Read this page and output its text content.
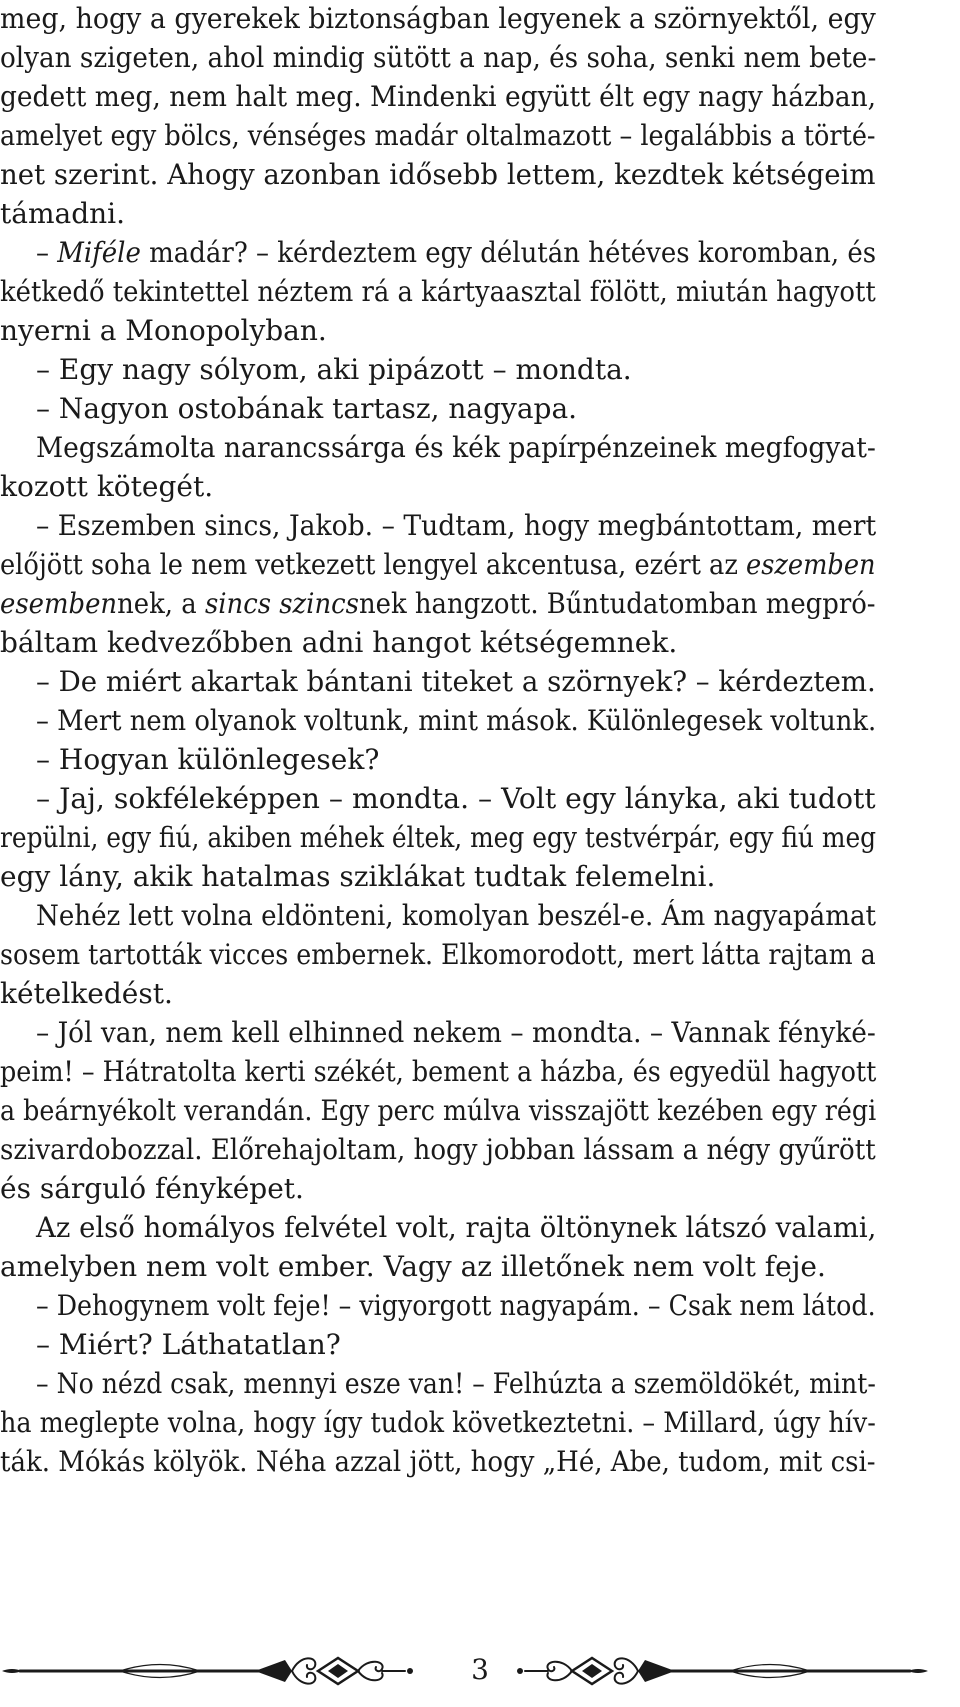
meg, hogy a gyerekek biztonságban legyenek a szörnyektől, egy
olyan szigeten, ahol mindig sütött a nap, és soha, senki nem bete-
gedett meg, nem halt meg. Mindenki együtt élt egy nagy házban,
amelyet egy bölcs, vénséges madár oltalmazott – legalábbis a törté-
net szerint. Ahogy azonban idősebb lettem, kezdtek kétségeim
támadni.
– Miféle madár? – kérdeztem egy délután hétéves koromban, és
kétkedő tekintettel néztem rá a kártyaasztal fölött, miután hagyott
nyerni a Monopolyban.
– Egy nagy sólyom, aki pipázott – mondta.
– Nagyon ostobának tartasz, nagyapa.
Megszámolta narancssárga és kék papírpénzeinek megfogyat-
kozott kötegét.
– Eszemben sincs, Jakob. – Tudtam, hogy megbántottam, mert
előjött soha le nem vetkezett lengyel akcentusa, ezért az eszemben
esembennek, a sincs szincsnek hangzott. Bűntudatomban megpró-
báltam kedvezőbben adni hangot kétségemnek.
– De miért akartak bántani titeket a szörnyek? – kérdeztem.
– Mert nem olyanok voltunk, mint mások. Különlegesek voltunk.
– Hogyan különlegesek?
– Jaj, sokféleképpen – mondta. – Volt egy lányka, aki tudott
repülni, egy fiú, akiben méhek éltek, meg egy testvérpár, egy fiú meg
egy lány, akik hatalmas sziklákat tudtak felemelni.
Nehéz lett volna eldönteni, komolyan beszél-e. Ám nagyapámat
sosem tartották vicces embernek. Elkomorodott, mert látta rajtam a
kételkedést.
– Jól van, nem kell elhinned nekem – mondta. – Vannak fényké-
peim! – Hátratolta kerti székét, bement a házba, és egyedül hagyott
a beárnyékolt verandán. Egy perc múlva visszajött kezében egy régi
szivardobozzal. Előrehajoltam, hogy jobban lássam a négy gyűrött
és sárguló fényképet.
Az első homályos felvétel volt, rajta öltönynek látszó valami,
amelyben nem volt ember. Vagy az illetőnek nem volt feje.
– Dehogynem volt feje! – vigyorgott nagyapám. – Csak nem látod.
– Miért? Láthatatlan?
– No nézd csak, mennyi esze van! – Felhúzta a szemöldökét, mint-
ha meglepte volna, hogy így tudok következtetni. – Millard, úgy hív-
ták. Mókás kölyök. Néha azzal jött, hogy „Hé, Abe, tudom, mit csi-
3
